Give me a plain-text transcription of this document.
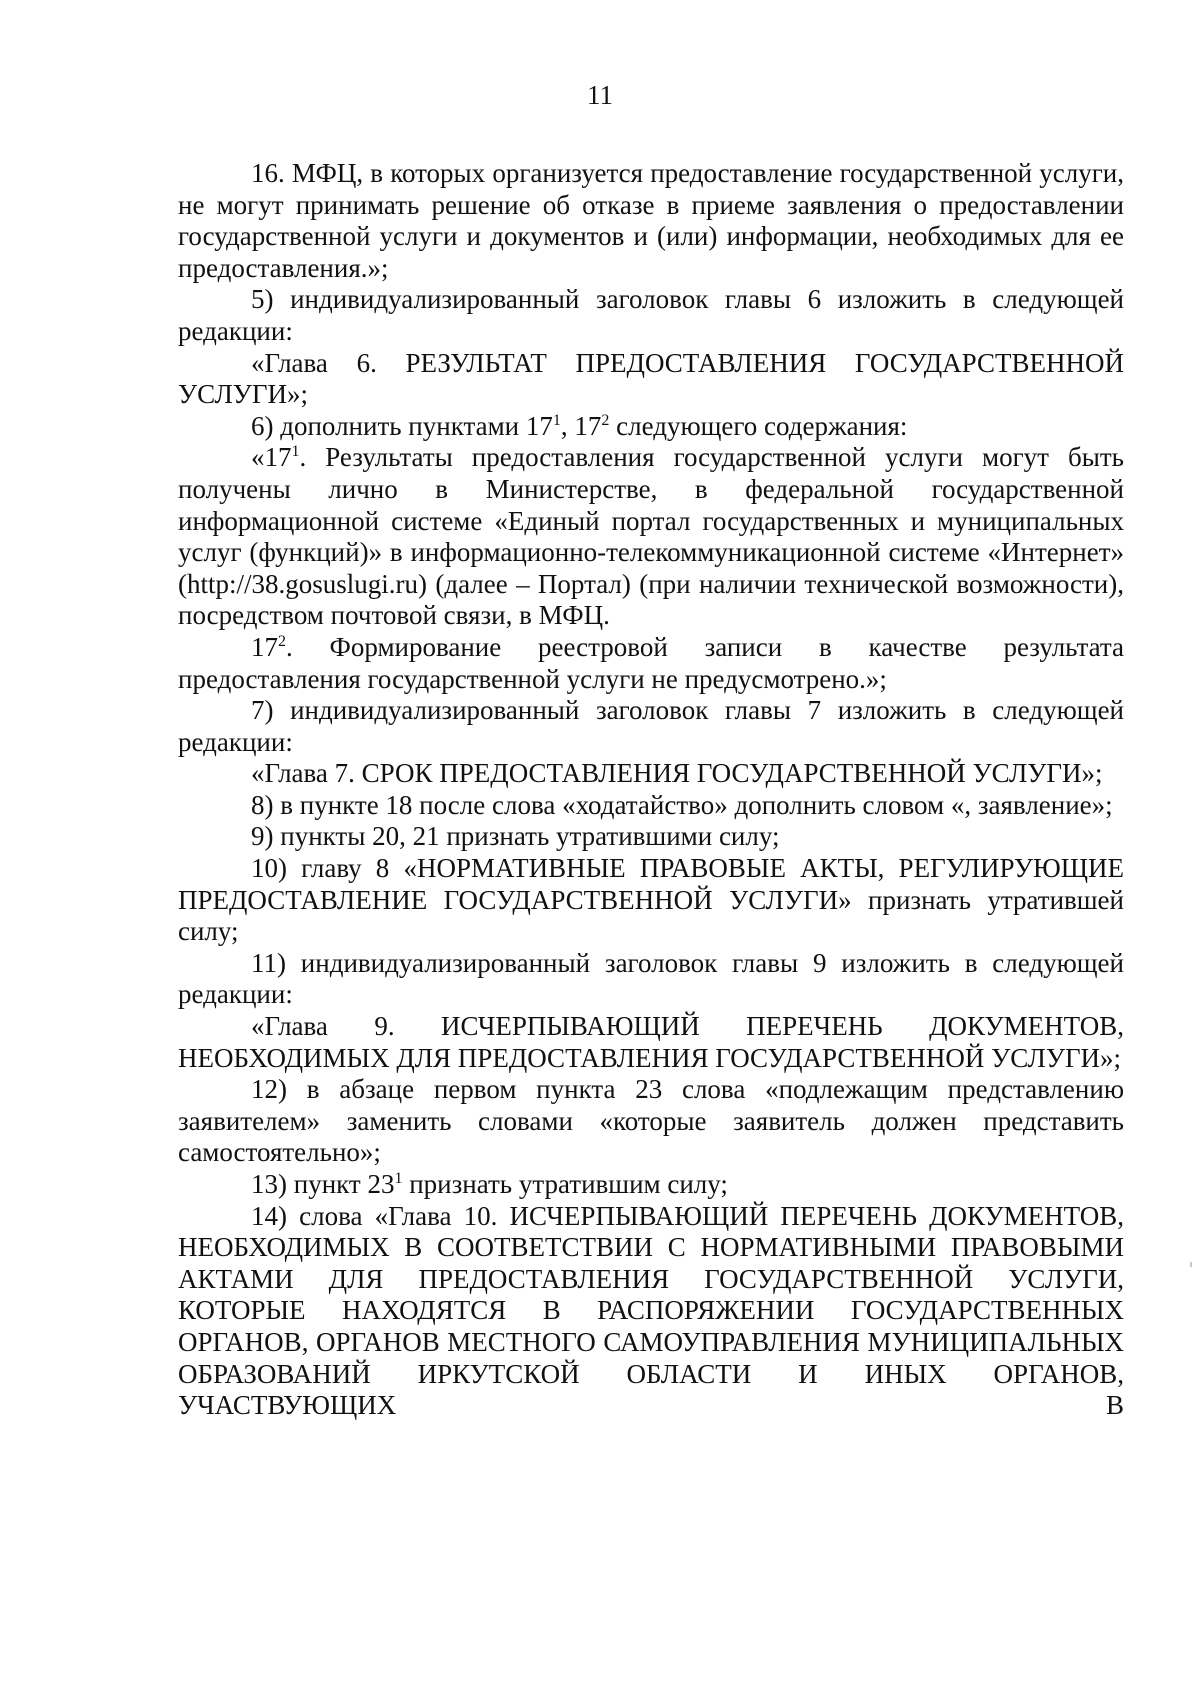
11

16. МФЦ, в которых организуется предоставление государственной услуги, не могут принимать решение об отказе в приеме заявления о предоставлении государственной услуги и документов и (или) информации, необходимых для ее предоставления.»;

5) индивидуализированный заголовок главы 6 изложить в следующей редакции:

«Глава 6. РЕЗУЛЬТАТ ПРЕДОСТАВЛЕНИЯ ГОСУДАРСТВЕННОЙ УСЛУГИ»;

6) дополнить пунктами $17^1$, $17^2$ следующего содержания:

«$17^1$. Результаты предоставления государственной услуги могут быть получены лично в Министерстве, в федеральной государственной информационной системе «Единый портал государственных и муниципальных услуг (функций)» в информационно-телекоммуникационной системе «Интернет» (http://38.gosuslugi.ru) (далее – Портал) (при наличии технической возможности), посредством почтовой связи, в МФЦ.

$17^2$. Формирование реестровой записи в качестве результата предоставления государственной услуги не предусмотрено.»;

7) индивидуализированный заголовок главы 7 изложить в следующей редакции:

«Глава 7. СРОК ПРЕДОСТАВЛЕНИЯ ГОСУДАРСТВЕННОЙ УСЛУГИ»;

8) в пункте 18 после слова «ходатайство» дополнить словом «, заявление»;

9) пункты 20, 21 признать утратившими силу;

10) главу 8 «НОРМАТИВНЫЕ ПРАВОВЫЕ АКТЫ, РЕГУЛИРУЮЩИЕ ПРЕДОСТАВЛЕНИЕ ГОСУДАРСТВЕННОЙ УСЛУГИ» признать утратившей силу;

11) индивидуализированный заголовок главы 9 изложить в следующей редакции:

«Глава 9. ИСЧЕРПЫВАЮЩИЙ ПЕРЕЧЕНЬ ДОКУМЕНТОВ, НЕОБХОДИМЫХ ДЛЯ ПРЕДОСТАВЛЕНИЯ ГОСУДАРСТВЕННОЙ УСЛУГИ»;

12) в абзаце первом пункта 23 слова «подлежащим представлению заявителем» заменить словами «которые заявитель должен представить самостоятельно»;

13) пункт $23^1$ признать утратившим силу;

14) слова «Глава 10. ИСЧЕРПЫВАЮЩИЙ ПЕРЕЧЕНЬ ДОКУМЕНТОВ, НЕОБХОДИМЫХ В СООТВЕТСТВИИ С НОРМАТИВНЫМИ ПРАВОВЫМИ АКТАМИ ДЛЯ ПРЕДОСТАВЛЕНИЯ ГОСУДАРСТВЕННОЙ УСЛУГИ, КОТОРЫЕ НАХОДЯТСЯ В РАСПОРЯЖЕНИИ ГОСУДАРСТВЕННЫХ ОРГАНОВ, ОРГАНОВ МЕСТНОГО САМОУПРАВЛЕНИЯ МУНИЦИПАЛЬНЫХ ОБРАЗОВАНИЙ ИРКУТСКОЙ ОБЛАСТИ И ИНЫХ ОРГАНОВ, УЧАСТВУЮЩИХ В
